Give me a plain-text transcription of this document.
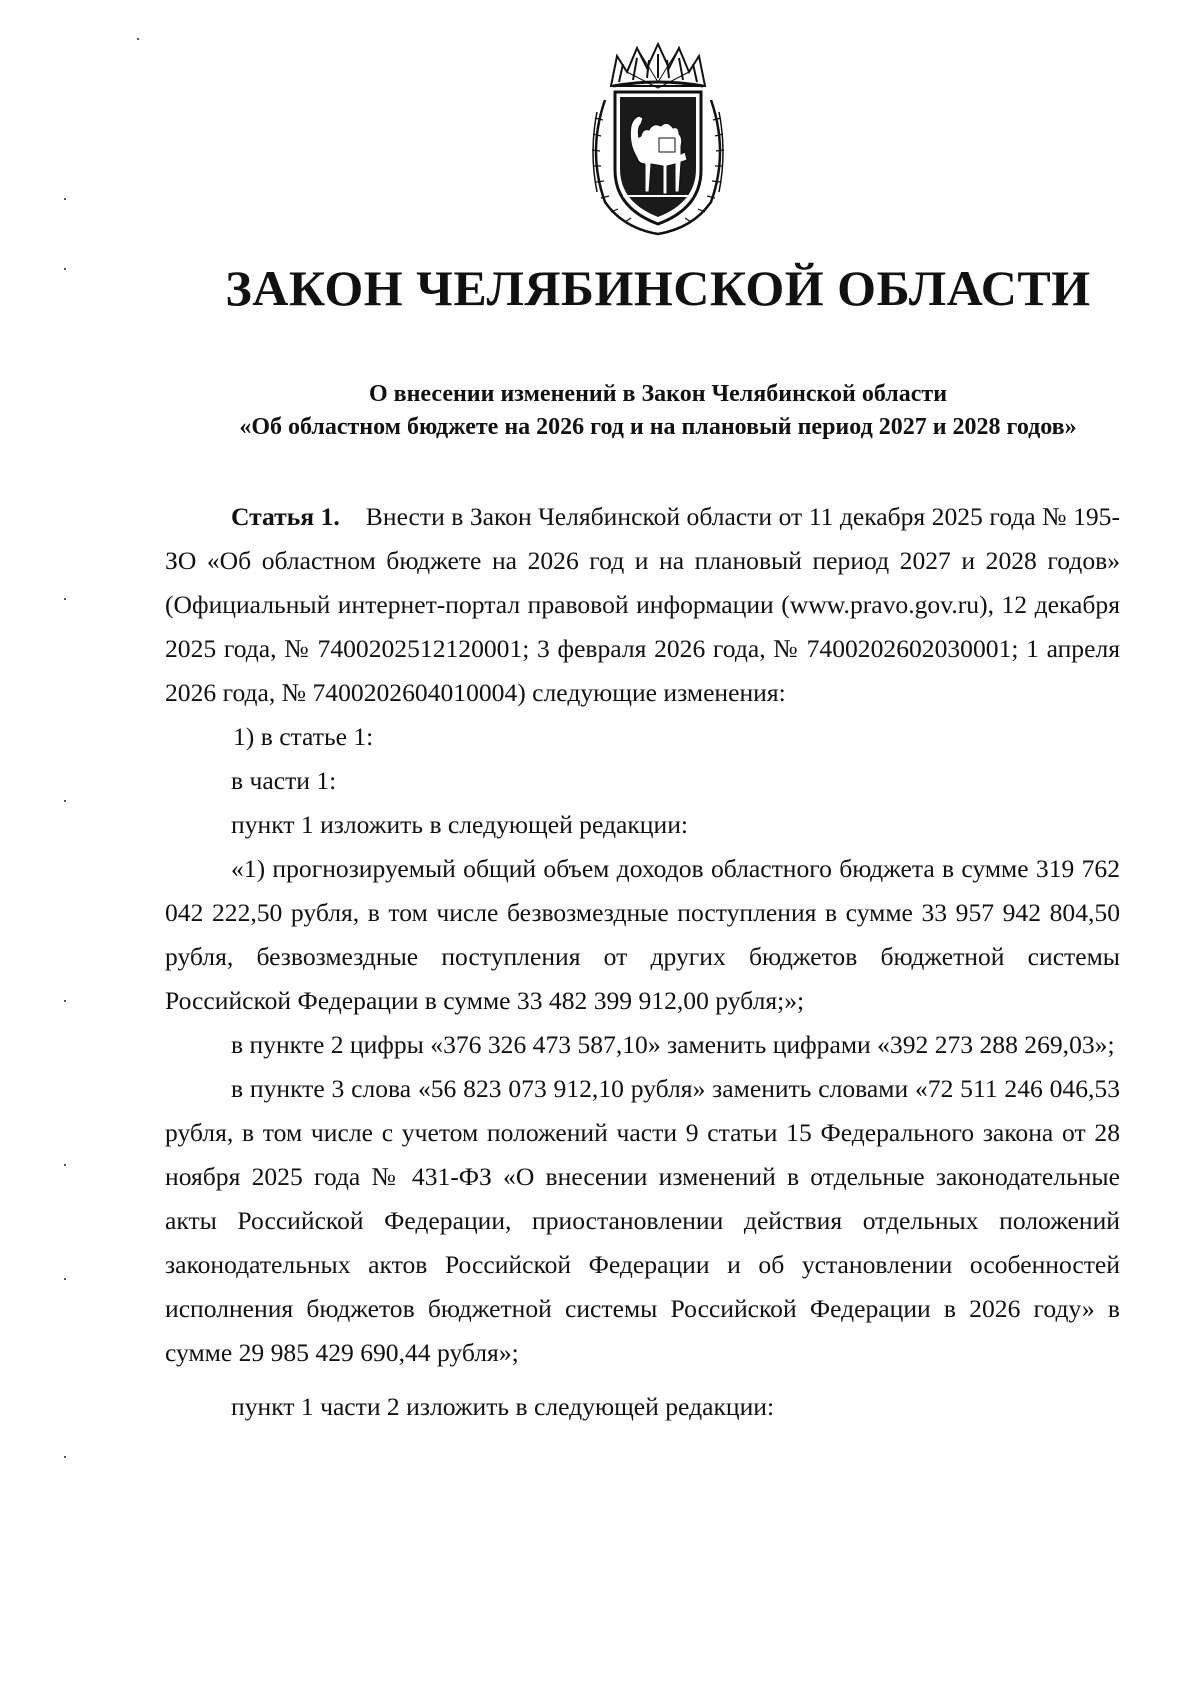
ЗАКОН ЧЕЛЯБИНСКОЙ ОБЛАСТИ
О внесении изменений в Закон Челябинской области
«Об областном бюджете на 2026 год и на плановый период 2027 и 2028 годов»

Статья 1. Внести в Закон Челябинской области от 11 декабря 2025 года № 195-ЗО «Об областном бюджете на 2026 год и на плановый период 2027 и 2028 годов» (Официальный интернет-портал правовой информации (www.pravo.gov.ru), 12 декабря 2025 года, № 7400202512120001; 3 февраля 2026 года, № 7400202602030001; 1 апреля 2026 года, № 7400202604010004) следующие изменения:

1) в статье 1:

в части 1:

пункт 1 изложить в следующей редакции:

«1) прогнозируемый общий объем доходов областного бюджета в сумме 319 762 042 222,50 рубля, в том числе безвозмездные поступления в сумме 33 957 942 804,50 рубля, безвозмездные поступления от других бюджетов бюджетной системы Российской Федерации в сумме 33 482 399 912,00 рубля;»;

в пункте 2 цифры «376 326 473 587,10» заменить цифрами «392 273 288 269,03»;

в пункте 3 слова «56 823 073 912,10 рубля» заменить словами «72 511 246 046,53 рубля, в том числе с учетом положений части 9 статьи 15 Федерального закона от 28 ноября 2025 года № 431-ФЗ «О внесении изменений в отдельные законодательные акты Российской Федерации, приостановлении действия отдельных положений законодательных актов Российской Федерации и об установлении особенностей исполнения бюджетов бюджетной системы Российской Федерации в 2026 году» в сумме 29 985 429 690,44 рубля»;

пункт 1 части 2 изложить в следующей редакции:
